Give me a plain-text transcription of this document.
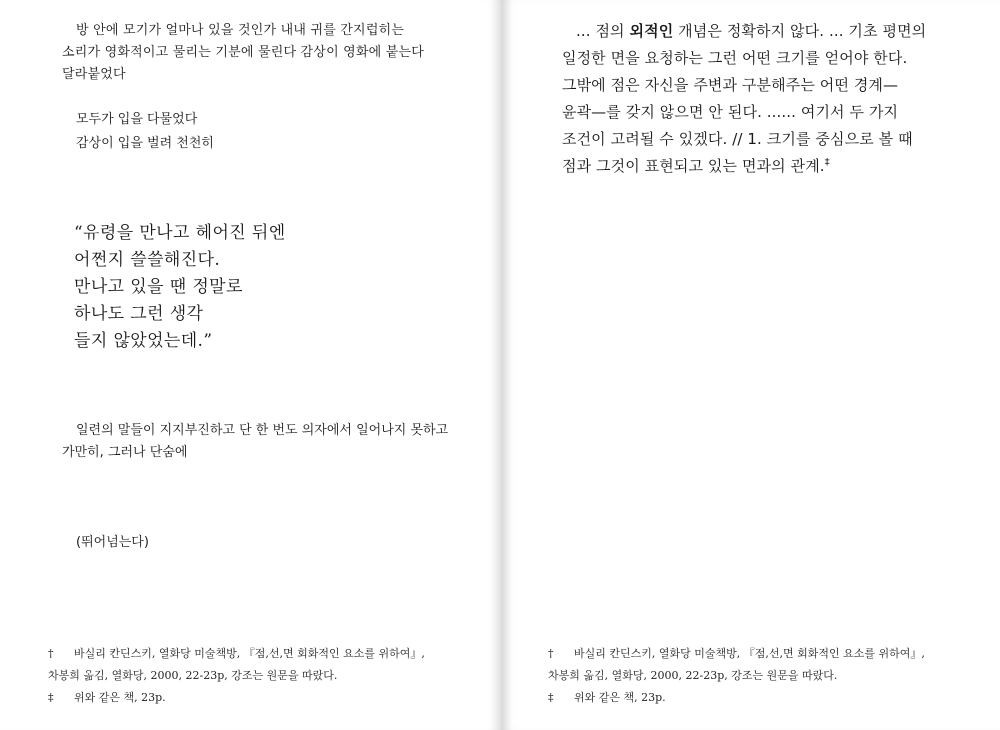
방 안에 모기가 얼마나 있을 것인가 내내 귀를 간지럽히는
소리가 영화적이고 물리는 기분에 물린다 감상이 영화에 붙는다
달라붙었다
모두가 입을 다물었다
감상이 입을 벌려 천천히
“유령을 만나고 헤어진 뒤엔
어쩐지 쓸쓸해진다.
만나고 있을 땐 정말로
하나도 그런 생각
들지 않았었는데.”
일련의 말들이 지지부진하고 단 한 번도 의자에서 일어나지 못하고
가만히, 그러나 단숨에
(뛰어넘는다)
† 바실리 칸딘스키, 열화당 미술책방, 『점,선,면 회화적인 요소를 위하여』,
차봉희 옮김, 열화당, 2000, 22-23p, 강조는 원문을 따랐다.
‡ 위와 같은 책, 23p.
... 점의 외적인 개념은 정확하지 않다. ... 기초 평면의
일정한 면을 요청하는 그런 어떤 크기를 얻어야 한다.
그밖에 점은 자신을 주변과 구분해주는 어떤 경계—
윤곽—를 갖지 않으면 안 된다. ...... 여기서 두 가지
조건이 고려될 수 있겠다. // 1. 크기를 중심으로 볼 때
점과 그것이 표현되고 있는 면과의 관계.‡
† 바실리 칸딘스키, 열화당 미술책방, 『점,선,면 회화적인 요소를 위하여』,
차봉희 옮김, 열화당, 2000, 22-23p, 강조는 원문을 따랐다.
‡ 위와 같은 책, 23p.
